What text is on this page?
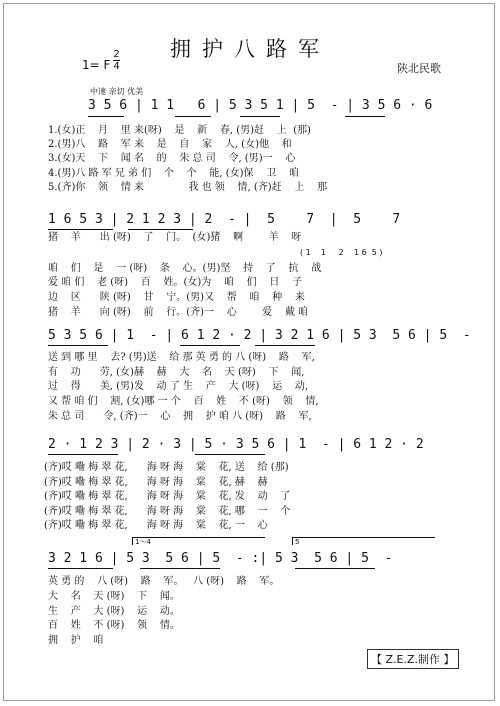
拥护八路军
1= F
2
4	陕北民歌
中速 亲切 优美
3 5 6 | 1 1   6 | 5 3 5 1 | 5  - | 3 5 6 · 6
1.(女)正    月    里 来(呀)    是    新    春, (男)赶    上  (那)
2.(男)八    路    军 来    是    自    家    人, (女)他    和
3.(女)天    下    闻 名    的    朱 总 司    令, (男)一    心
4.(男)八 路 军 兄 弟 们    个    个    能, (女)保    卫    咱
5.(齐)你    领    情 来              我 也 领    情, (齐)赶    上    那
1 6 5 3 | 2 1 2 3 | 2  - |  5    7  |  5    7
( 1    1     2    1 6  5 )
猪    羊      出 (呀)    了    门。  (女)猪    啊        羊    呀
咱    们    是    一 (呀)    条    心。(男)坚    持    了    抗    战
爱 咱 们    老 (呀)    百    姓。(女)为    咱    们    日    子
边    区      陕 (呀)    甘    宁。(男)又    帮    咱    种    来
猪    羊      向 (呀)    前    行。(齐)一    心        爱    戴 咱
5 3 5 6 | 1  - | 6 1 2 · 2 | 3 2 1 6 | 5 3  5 6 | 5  -
送 到 哪 里    去? (男)送    给 那 英 勇 的 八 (呀)    路    军,
有    功      劳, (女)赫    赫    大    名    天 (呀)    下    闻,
过    得      美, (男)发    动 了 生    产    大 (呀)    运    动,
又 帮 咱 们    割, (女)哪 一 个    百    姓    不 (呀)    领    情,
朱 总 司      令, (齐)一    心    拥    护 咱 八 (呀)    路    军,
2 · 1 2 3 | 2 · 3 | 5 · 3 5 6 | 1  - | 6 1 2 · 2
(齐)哎 嘞 梅 翠 花,      海 呀 海    棠    花, 送    给 (那)
(齐)哎 嘞 梅 翠 花,      海 呀 海    棠    花, 赫    赫
(齐)哎 嘞 梅 翠 花,      海 呀 海    棠    花, 发    动    了
(齐)哎 嘞 梅 翠 花,      海 呀 海    棠    花, 哪    一    个
(齐)哎 嘞 梅 翠 花,      海 呀 海    棠    花, 一    心
1～4	5
3 2 1 6 | 5 3  5 6 | 5  - :| 5 3  5 6 | 5  -
英 勇 的    八 (呀)    路    军。   八 (呀)    路    军。
大    名    天 (呀)    下    闻。
生    产    大 (呀)    运    动。
百    姓    不 (呀)    领    情。
拥    护    咱
【 Z.E.Z.制作 】
